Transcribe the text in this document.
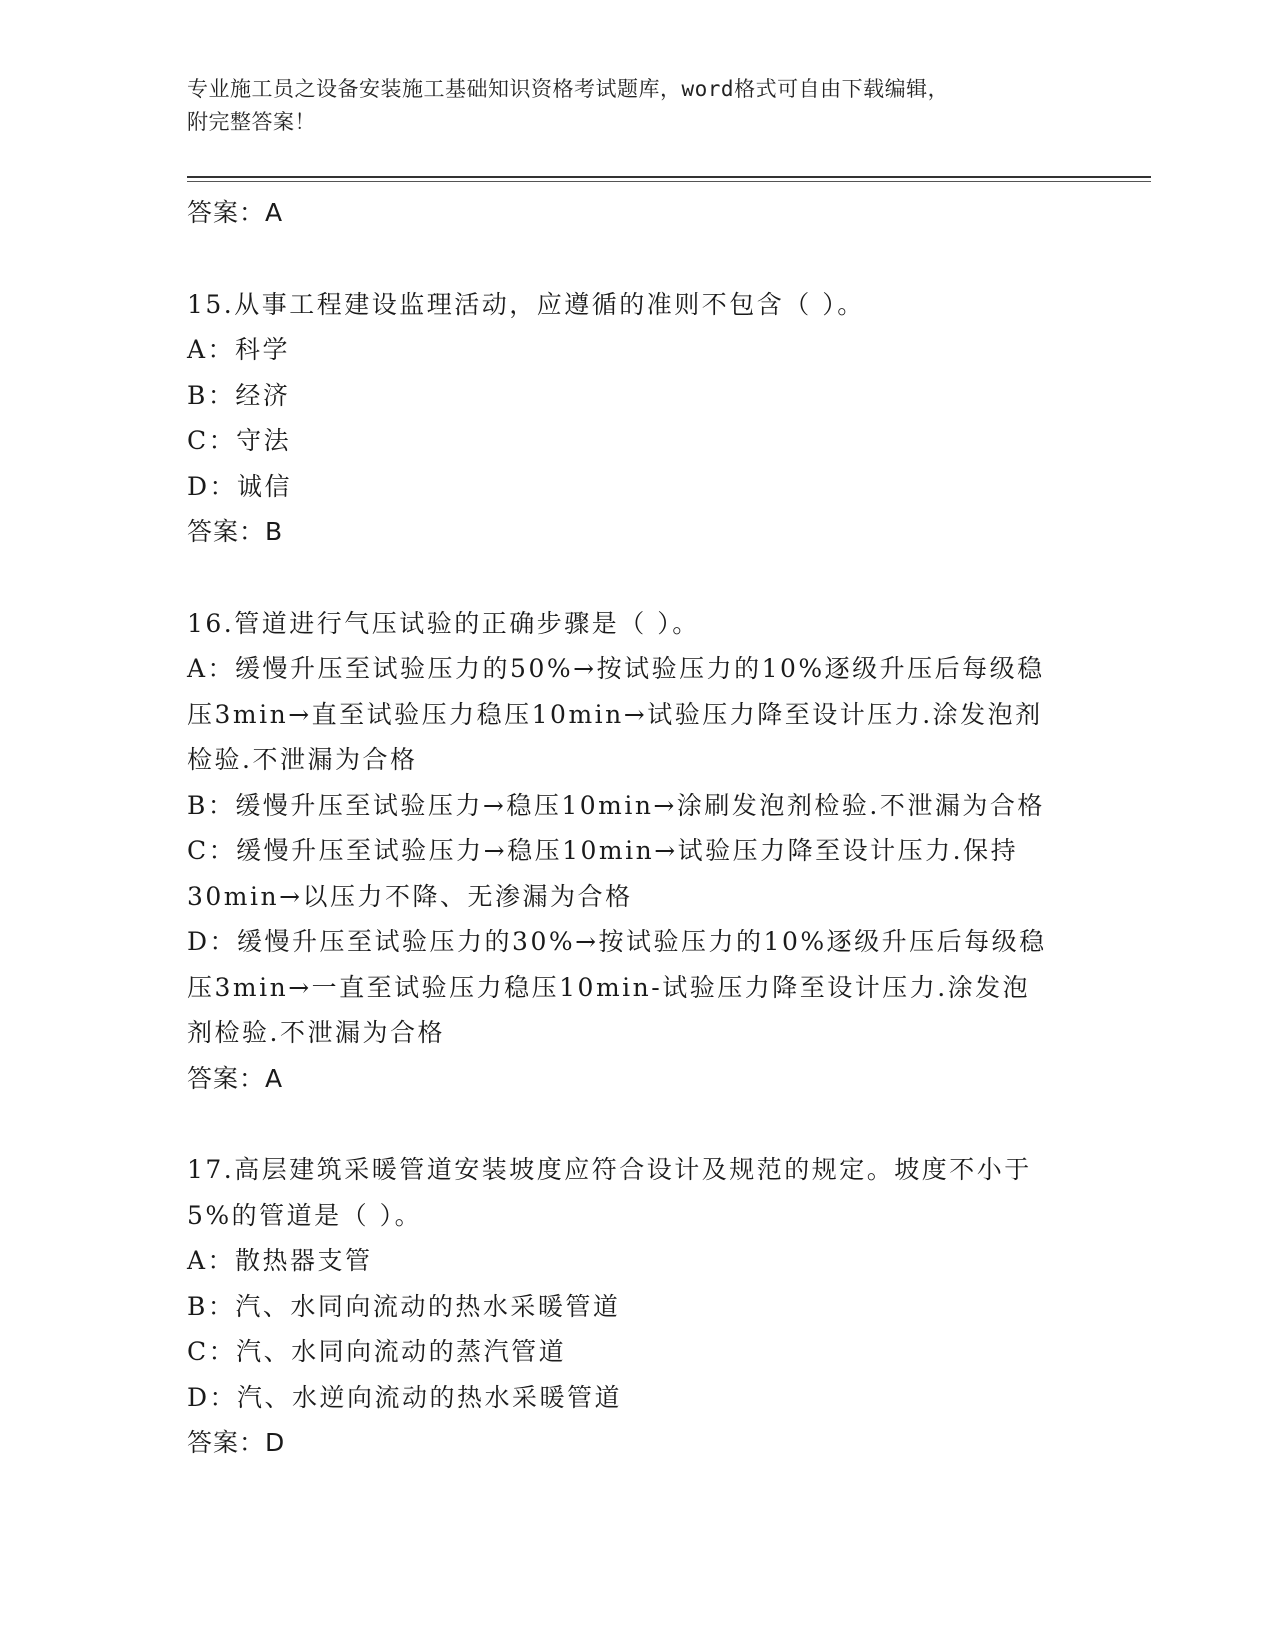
专业施工员之设备安装施工基础知识资格考试题库，word格式可自由下载编辑，
附完整答案！
答案：A
15.从事工程建设监理活动，应遵循的准则不包含（ ）。
A：科学
B：经济
C：守法
D：诚信
答案：B
16.管道进行气压试验的正确步骤是（ ）。
A：缓慢升压至试验压力的50%→按试验压力的10%逐级升压后每级稳
压3min→直至试验压力稳压10min→试验压力降至设计压力.涂发泡剂
检验.不泄漏为合格
B：缓慢升压至试验压力→稳压10min→涂刷发泡剂检验.不泄漏为合格
C：缓慢升压至试验压力→稳压10min→试验压力降至设计压力.保持
30min→以压力不降、无渗漏为合格
D：缓慢升压至试验压力的30%→按试验压力的10%逐级升压后每级稳
压3min→一直至试验压力稳压10min-试验压力降至设计压力.涂发泡
剂检验.不泄漏为合格
答案：A
17.高层建筑采暖管道安装坡度应符合设计及规范的规定。坡度不小于
5%的管道是（ ）。
A：散热器支管
B：汽、水同向流动的热水采暖管道
C：汽、水同向流动的蒸汽管道
D：汽、水逆向流动的热水采暖管道
答案：D
